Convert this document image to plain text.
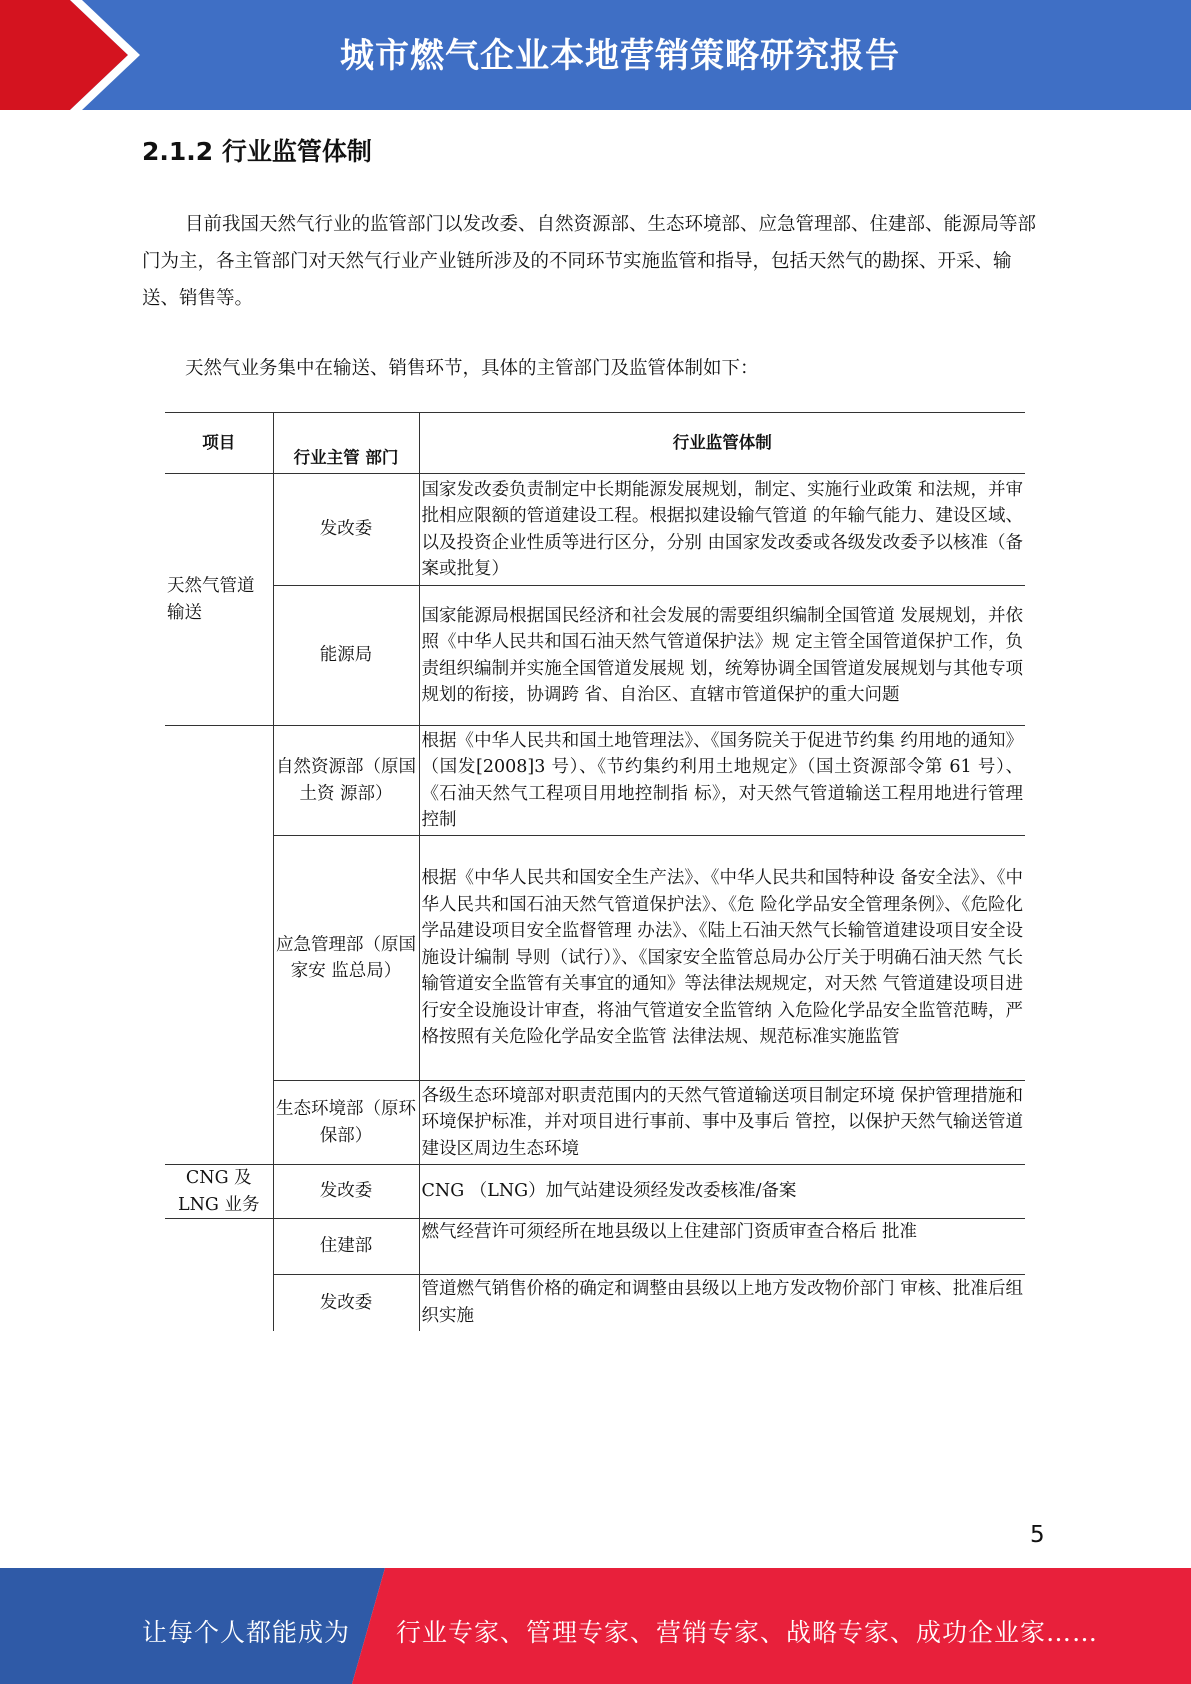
城市燃气企业本地营销策略研究报告
2.1.2 行业监管体制

目前我国天然气行业的监管部门以发改委、自然资源部、生态环境部、应急管理部、住建部、能源局等部门为主，各主管部门对天然气行业产业链所涉及的不同环节实施监管和指导，包括天然气的勘探、开采、输送、销售等。

天然气业务集中在输送、销售环节，具体的主管部门及监管体制如下：

项目	行业主管 部门	行业监管体制
天然气管道输送	发改委	国家发改委负责制定中长期能源发展规划，制定、实施行业政策 和法规，并审批相应限额的管道建设工程。根据拟建设输气管道 的年输气能力、建设区域、以及投资企业性质等进行区分，分别 由国家发改委或各级发改委予以核准（备案或批复）
	能源局	国家能源局根据国民经济和社会发展的需要组织编制全国管道 发展规划，并依照《中华人民共和国石油天然气管道保护法》规 定主管全国管道保护工作，负责组织编制并实施全国管道发展规 划，统筹协调全国管道发展规划与其他专项规划的衔接，协调跨 省、自治区、直辖市管道保护的重大问题
	自然资源部（原国土资 源部）	根据《中华人民共和国土地管理法》、《国务院关于促进节约集 约用地的通知》（国发[2008]3 号）、《节约集约利用土地规定》（国土资源部令第 61 号）、《石油天然气工程项目用地控制指 标》，对天然气管道输送工程用地进行管理控制
	应急管理部（原国家安 监总局）	根据《中华人民共和国安全生产法》、《中华人民共和国特种设 备安全法》、《中华人民共和国石油天然气管道保护法》、《危 险化学品安全管理条例》、《危险化学品建设项目安全监督管理 办法》、《陆上石油天然气长输管道建设项目安全设施设计编制 导则（试行）》、《国家安全监管总局办公厅关于明确石油天然 气长输管道安全监管有关事宜的通知》等法律法规规定，对天然 气管道建设项目进行安全设施设计审查，将油气管道安全监管纳 入危险化学品安全监管范畴，严格按照有关危险化学品安全监管 法律法规、规范标准实施监管
	生态环境部（原环保部）	各级生态环境部对职责范围内的天然气管道输送项目制定环境 保护管理措施和环境保护标准，并对项目进行事前、事中及事后 管控，以保护天然气输送管道建设区周边生态环境
CNG 及 LNG 业务	发改委	CNG （LNG）加气站建设须经发改委核准/备案
	住建部	燃气经营许可须经所在地县级以上住建部门资质审查合格后 批准
	发改委	管道燃气销售价格的确定和调整由县级以上地方发改物价部门 审核、批准后组织实施
5
让每个人都能成为 行业专家、管理专家、营销专家、战略专家、成功企业家……
